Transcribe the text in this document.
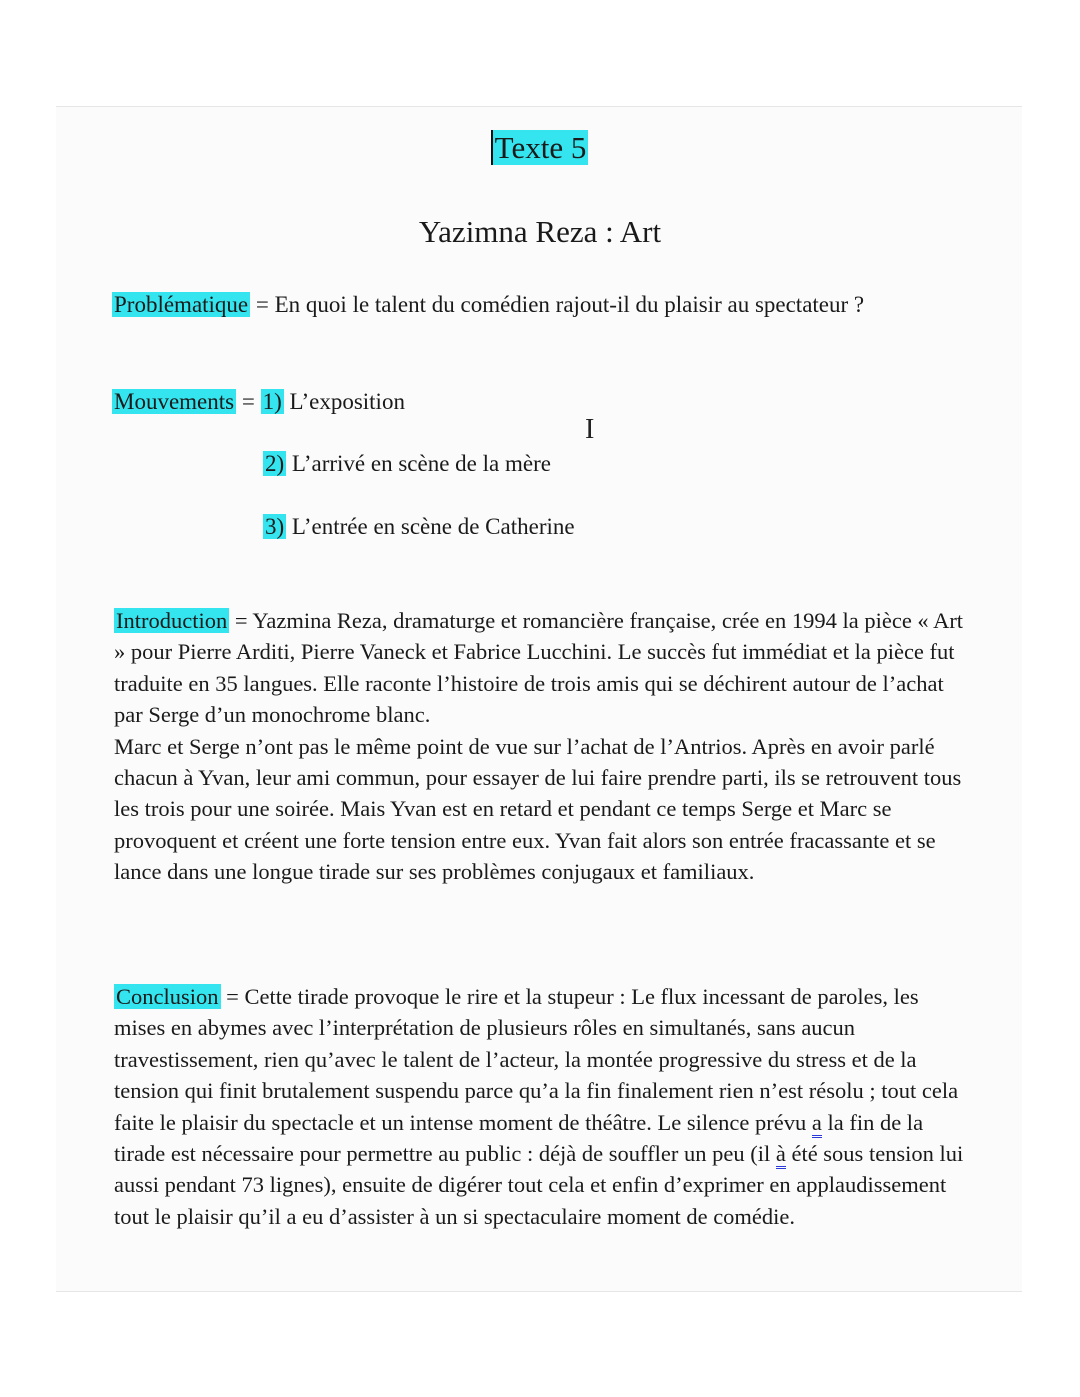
Texte 5
Yazimna Reza : Art
Problématique = En quoi le talent du comédien rajout-il du plaisir au spectateur ?
Mouvements = 1) L’exposition
2) L’arrivé en scène de la mère
3) L’entrée en scène de Catherine
I

Introduction = Yazmina Reza, dramaturge et romancière française, crée en 1994 la pièce « Art » pour Pierre Arditi, Pierre Vaneck et Fabrice Lucchini. Le succès fut immédiat et la pièce fut traduite en 35 langues. Elle raconte l’histoire de trois amis qui se déchirent autour de l’achat par Serge d’un monochrome blanc.
Marc et Serge n’ont pas le même point de vue sur l’achat de l’Antrios. Après en avoir parlé chacun à Yvan, leur ami commun, pour essayer de lui faire prendre parti, ils se retrouvent tous les trois pour une soirée. Mais Yvan est en retard et pendant ce temps Serge et Marc se provoquent et créent une forte tension entre eux. Yvan fait alors son entrée fracassante et se lance dans une longue tirade sur ses problèmes conjugaux et familiaux.

Conclusion = Cette tirade provoque le rire et la stupeur : Le flux incessant de paroles, les mises en abymes avec l’interprétation de plusieurs rôles en simultanés, sans aucun travestissement, rien qu’avec le talent de l’acteur, la montée progressive du stress et de la tension qui finit brutalement suspendu parce qu’a la fin finalement rien n’est résolu ; tout cela faite le plaisir du spectacle et un intense moment de théâtre. Le silence prévu a la fin de la tirade est nécessaire pour permettre au public : déjà de souffler un peu (il à été sous tension lui aussi pendant 73 lignes), ensuite de digérer tout cela et enfin d’exprimer en applaudissement tout le plaisir qu’il a eu d’assister à un si spectaculaire moment de comédie.
